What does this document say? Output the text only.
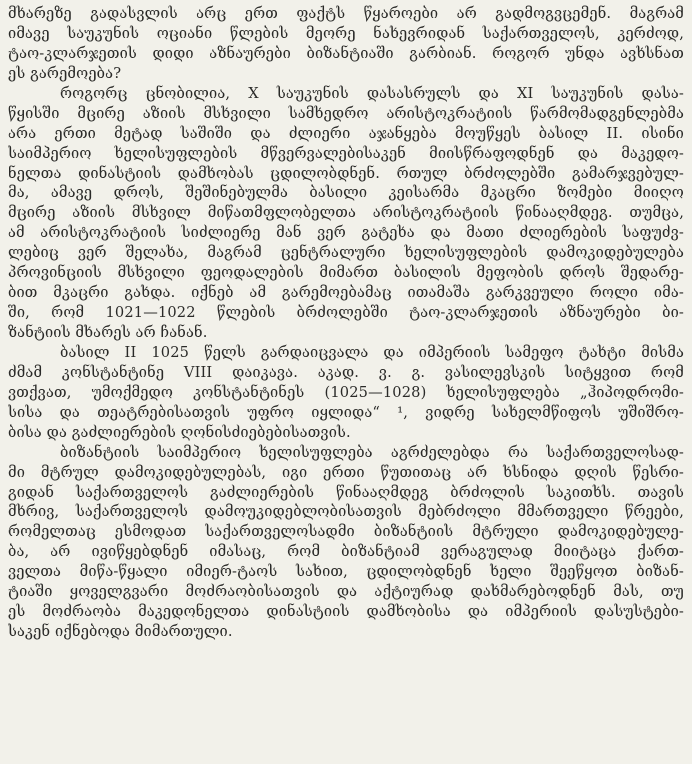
მხარეზე გადასვლის არც ერთ ფაქტს წყაროები არ გადმოგვცემენ. მაგრამ
იმავე საუკუნის ოციანი წლების მეორე ნახევრიდან საქართველოს, კერძოდ,
ტაო-კლარჯეთის დიდი აზნაურები ბიზანტიაში გარბიან. როგორ უნდა ავხსნათ
ეს გარემოება?
როგორც ცნობილია, X საუკუნის დასასრულს და XI საუკუნის დასა-
წყისში მცირე აზიის მსხვილი სამხედრო არისტოკრატიის წარმომადგენლებმა
არა ერთი მეტად საშიში და ძლიერი აჯანყება მოუწყეს ბასილ II. ისინი
საიმპერიო ხელისუფლების მწვერვალებისაკენ მიისწრაფოდნენ და მაკედო-
ნელთა დინასტიის დამხობას ცდილობდნენ. რთულ ბრძოლებში გამარჯვებულ-
მა, ამავე დროს, შეშინებულმა ბასილი კეისარმა მკაცრი ზომები მიიღო
მცირე აზიის მსხვილ მიწათმფლობელთა არისტოკრატიის წინააღმდეგ. თუმცა,
ამ არისტოკრატიის სიძლიერე მან ვერ გატეხა და მათი ძლიერების საფუძვ-
ლებიც ვერ შელახა, მაგრამ ცენტრალური ხელისუფლების დამოკიდებულება
პროვინციის მსხვილი ფეოდალების მიმართ ბასილის მეფობის დროს შედარე-
ბით მკაცრი გახდა. იქნებ ამ გარემოებამაც ითამაშა გარკვეული როლი იმა-
ში, რომ 1021—1022 წლების ბრძოლებში ტაო-კლარჯეთის აზნაურები ბი-
ზანტიის მხარეს არ ჩანან.
ბასილ II 1025 წელს გარდაიცვალა და იმპერიის სამეფო ტახტი მისმა
ძმამ კონსტანტინე VIII დაიკავა. აკად. ვ. გ. ვასილევსკის სიტყვით რომ
ვთქვათ, უმოქმედო კონსტანტინეს (1025—1028) ხელისუფლება „ჰიპოდრომი-
სისა და თეატრებისათვის უფრო იყლიდა“ ¹, ვიდრე სახელმწიფოს უშიშრო-
ბისა და გაძლიერების ღონისძიებებისათვის.
ბიზანტიის საიმპერიო ხელისუფლება აგრძელებდა რა საქართველოსად-
მი მტრულ დამოკიდებულებას, იგი ერთი წუთითაც არ ხსნიდა დღის წესრი-
გიდან საქართველოს გაძლიერების წინააღმდეგ ბრძოლის საკითხს. თავის
მხრივ, საქართველოს დამოუკიდებლობისათვის მებრძოლი მმართველი წრეები,
რომელთაც ესმოდათ საქართველოსადმი ბიზანტიის მტრული დამოკიდებულე-
ბა, არ ივიწყებდნენ იმასაც, რომ ბიზანტიამ ვერაგულად მიიტაცა ქართ-
ველთა მიწა-წყალი იმიერ-ტაოს სახით, ცდილობდნენ ხელი შეეწყოთ ბიზან-
ტიაში ყოველგვარი მოძრაობისათვის და აქტიურად დახმარებოდნენ მას, თუ
ეს მოძრაობა მაკედონელთა დინასტიის დამხობისა და იმპერიის დასუსტები-
საკენ იქნებოდა მიმართული.
